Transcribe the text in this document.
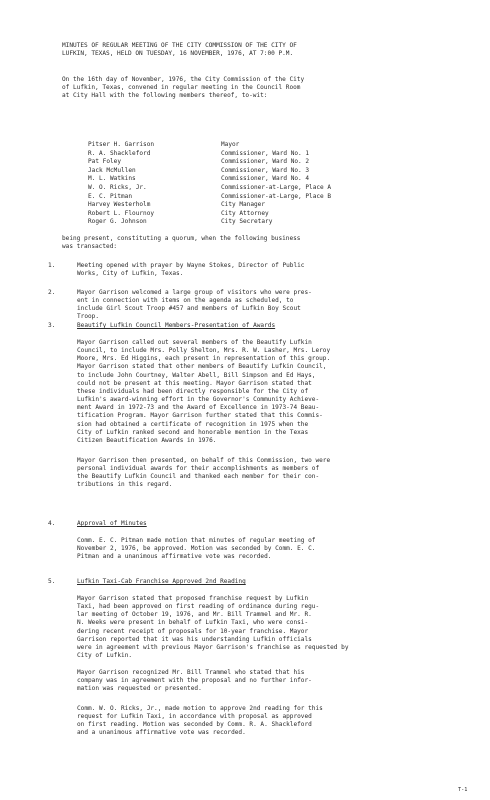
MINUTES OF REGULAR MEETING OF THE CITY COMMISSION OF THE CITY OF
LUFKIN, TEXAS, HELD ON TUESDAY, 16 NOVEMBER, 1976, AT 7:00 P.M.
On the 16th day of November, 1976, the City Commission of the City
of Lufkin, Texas, convened in regular meeting in the Council Room
at City Hall with the following members thereof, to-wit:
Pitser H. Garrison	Mayor
R. A. Shackleford	Commissioner, Ward No. 1
Pat Foley	Commissioner, Ward No. 2
Jack McMullen	Commissioner, Ward No. 3
M. L. Watkins	Commissioner, Ward No. 4
W. O. Ricks, Jr.	Commissioner-at-Large, Place A
E. C. Pitman	Commissioner-at-Large, Place B
Harvey Westerholm	City Manager
Robert L. Flournoy	City Attorney
Roger G. Johnson	City Secretary
being present, constituting a quorum, when the following business
was transacted:
1.	Meeting opened with prayer by Wayne Stokes, Director of Public
Works, City of Lufkin, Texas.
2.	Mayor Garrison welcomed a large group of visitors who were pres-
ent in connection with items on the agenda as scheduled, to
include Girl Scout Troop #457 and members of Lufkin Boy Scout
Troop.
3.	Beautify Lufkin Council Members-Presentation of Awards
Mayor Garrison called out several members of the Beautify Lufkin
Council, to include Mrs. Polly Shelton, Mrs. R. W. Lasher, Mrs. Leroy
Moore, Mrs. Ed Higgins, each present in representation of this group.
Mayor Garrison stated that other members of Beautify Lufkin Council,
to include John Courtney, Walter Abell, Bill Simpson and Ed Hays,
could not be present at this meeting. Mayor Garrison stated that
these individuals had been directly responsible for the City of
Lufkin's award-winning effort in the Governor's Community Achieve-
ment Award in 1972-73 and the Award of Excellence in 1973-74 Beau-
tification Program. Mayor Garrison further stated that this Commis-
sion had obtained a certificate of recognition in 1975 when the
City of Lufkin ranked second and honorable mention in the Texas
Citizen Beautification Awards in 1976.
Mayor Garrison then presented, on behalf of this Commission, two were
personal individual awards for their accomplishments as members of
the Beautify Lufkin Council and thanked each member for their con-
tributions in this regard.
4.	Approval of Minutes
Comm. E. C. Pitman made motion that minutes of regular meeting of
November 2, 1976, be approved. Motion was seconded by Comm. E. C.
Pitman and a unanimous affirmative vote was recorded.
5.	Lufkin Taxi-Cab Franchise Approved 2nd Reading
Mayor Garrison stated that proposed franchise request by Lufkin
Taxi, had been approved on first reading of ordinance during regu-
lar meeting of October 19, 1976, and Mr. Bill Trammel and Mr. R.
N. Weeks were present in behalf of Lufkin Taxi, who were consi-
dering recent receipt of proposals for 10-year franchise. Mayor
Garrison reported that it was his understanding Lufkin officials
were in agreement with previous Mayor Garrison's franchise as requested by
City of Lufkin.
Mayor Garrison recognized Mr. Bill Trammel who stated that his
company was in agreement with the proposal and no further infor-
mation was requested or presented.
Comm. W. O. Ricks, Jr., made motion to approve 2nd reading for this
request for Lufkin Taxi, in accordance with proposal as approved
on first reading. Motion was seconded by Comm. R. A. Shackleford
and a unanimous affirmative vote was recorded.
T-1
